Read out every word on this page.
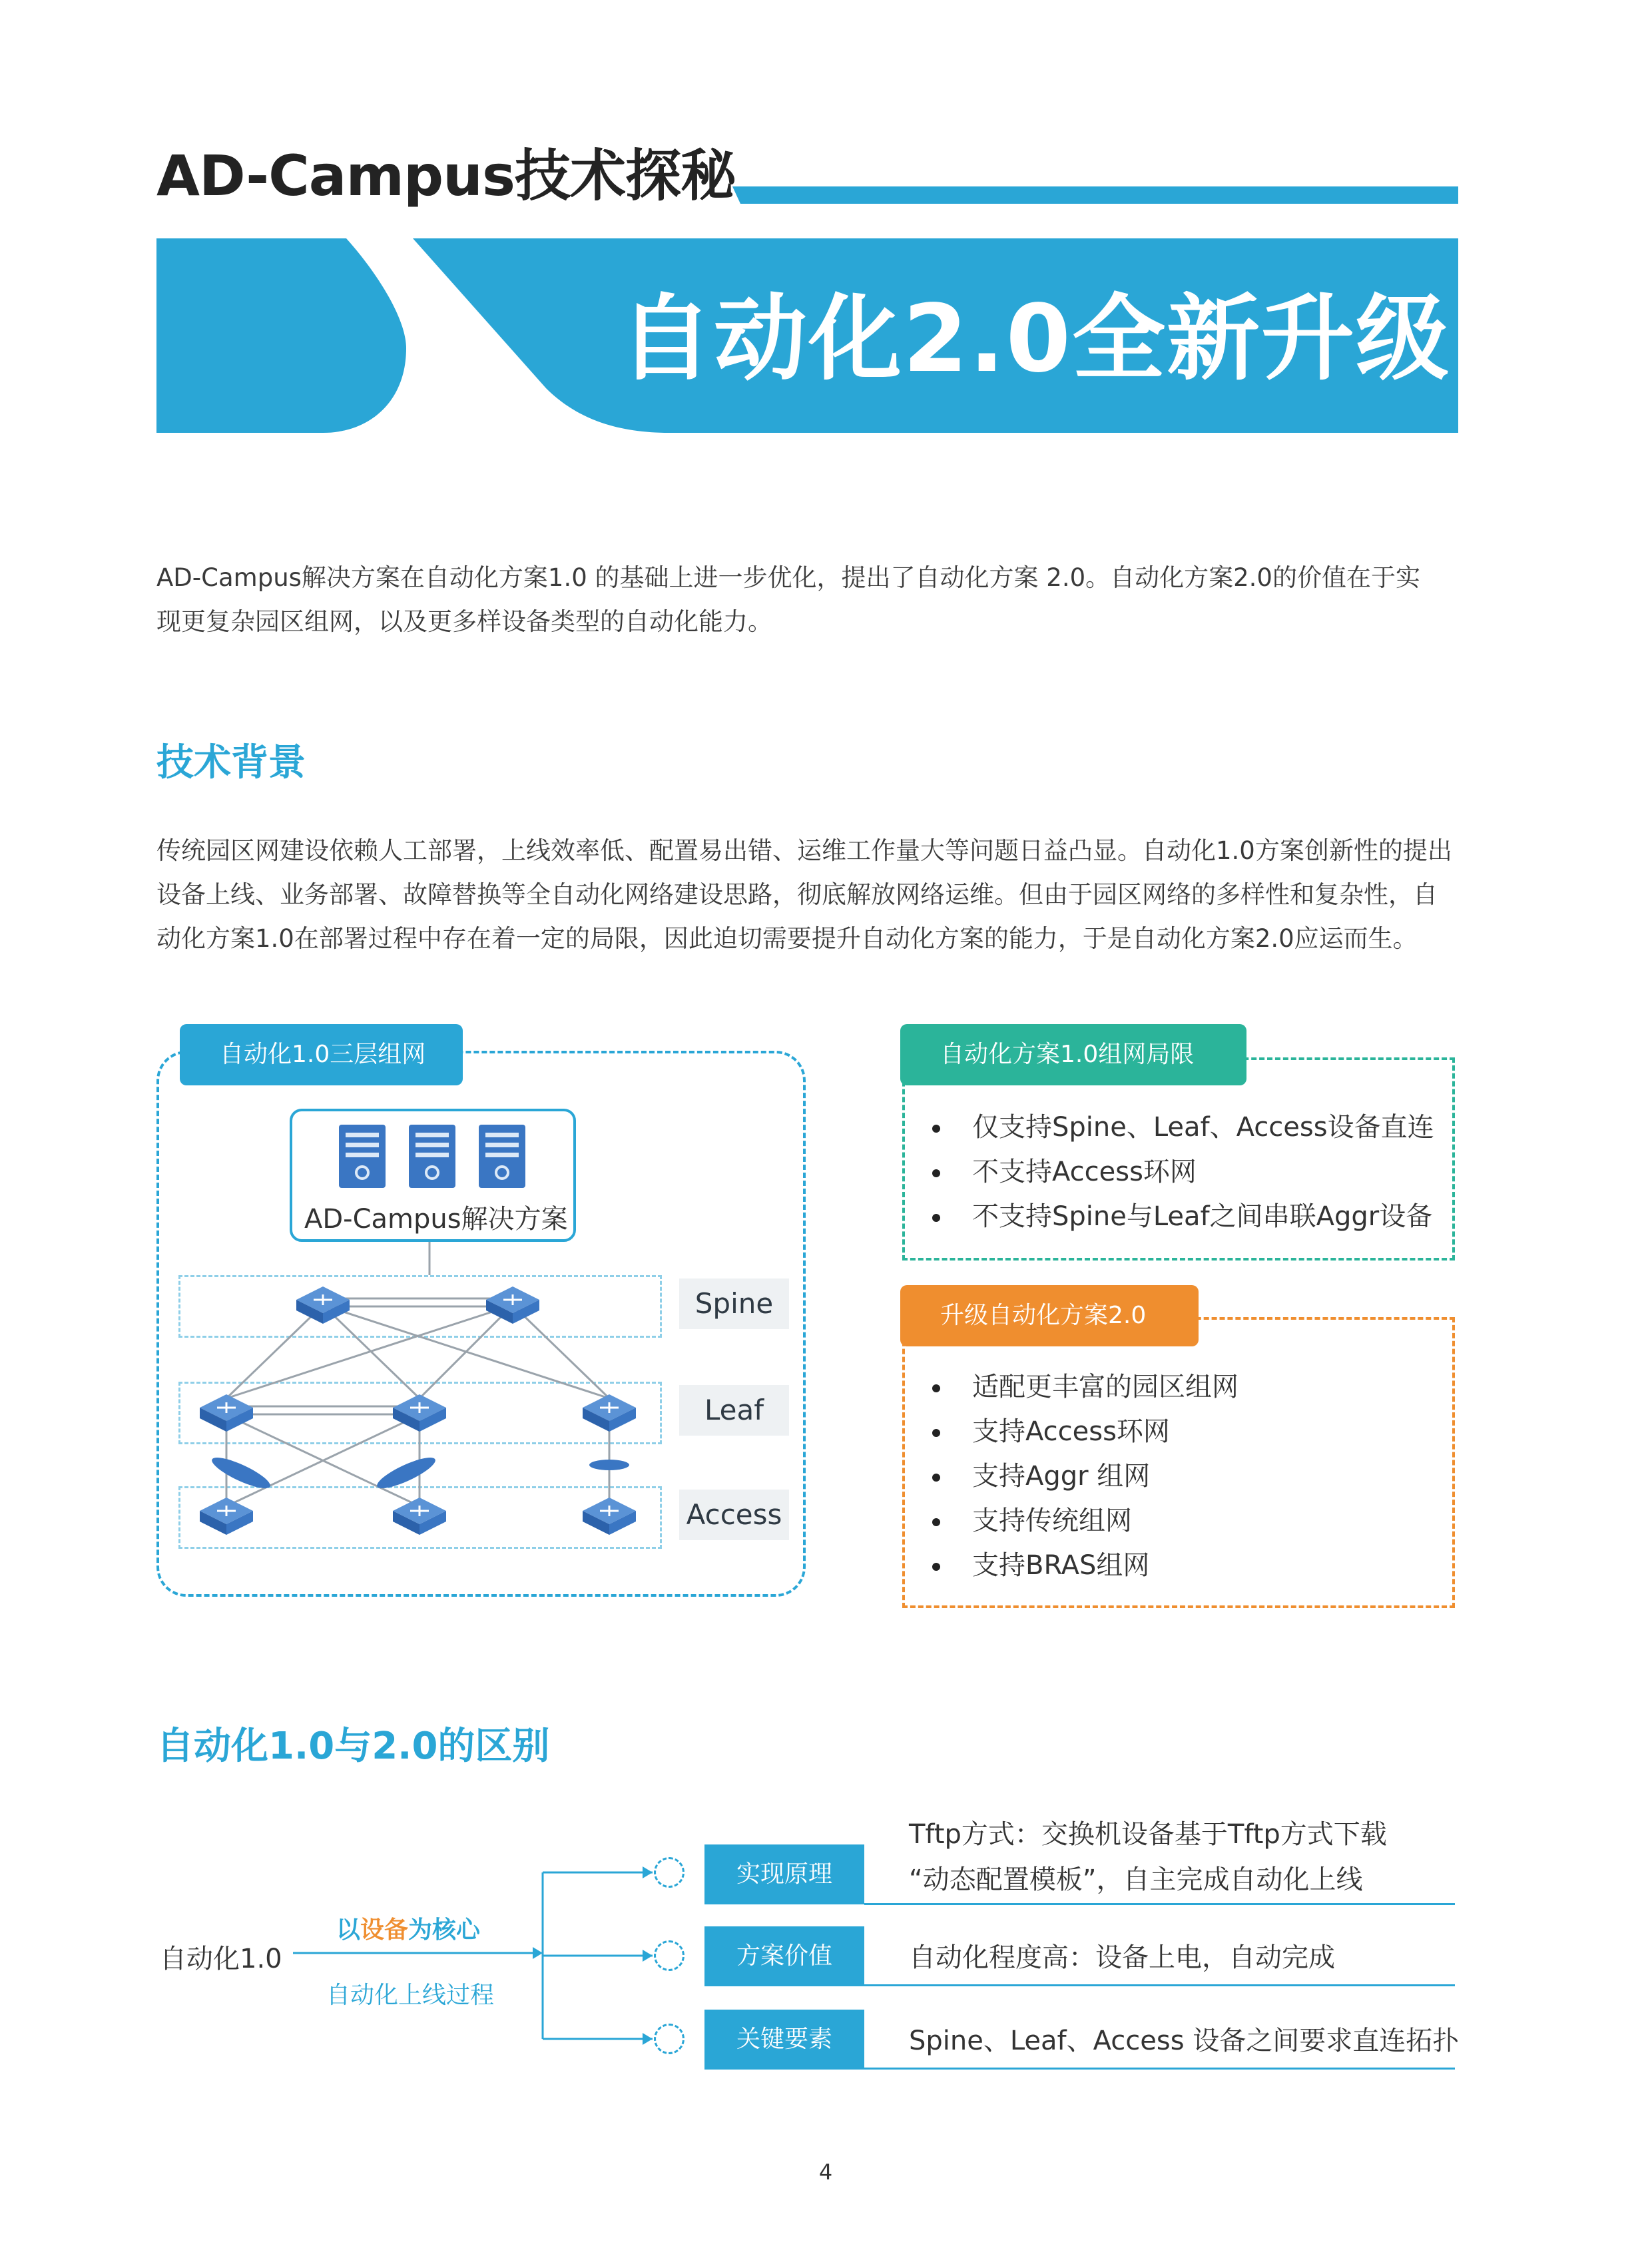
AD-Campus技术探秘
自动化2.0全新升级

AD-Campus解决方案在自动化方案1.0 的基础上进一步优化，提出了自动化方案 2.0。自动化方案2.0的价值在于实

现更复杂园区组网，以及更多样设备类型的自动化能力。

技术背景

传统园区网建设依赖人工部署，上线效率低、配置易出错、运维工作量大等问题日益凸显。自动化1.0方案创新性的提出

设备上线、业务部署、故障替换等全自动化网络建设思路，彻底解放网络运维。但由于园区网络的多样性和复杂性，自

动化方案1.0在部署过程中存在着一定的局限，因此迫切需要提升自动化方案的能力，于是自动化方案2.0应运而生。

自动化1.0三层组网
AD-Campus解决方案
Spine
Leaf
Access
自动化方案1.0组网局限
仅支持Spine、Leaf、Access设备直连
不支持Access环网
不支持Spine与Leaf之间串联Aggr设备
升级自动化方案2.0
适配更丰富的园区组网
支持Access环网
支持Aggr 组网
支持传统组网
支持BRAS组网
自动化1.0与2.0的区别
自动化1.0
以设备为核心
自动化上线过程
实现原理
Tftp方式：交换机设备基于Tftp方式下载
“动态配置模板”，自主完成自动化上线
方案价值	自动化程度高：设备上电，自动完成
关键要素	Spine、Leaf、Access 设备之间要求直连拓扑
4
